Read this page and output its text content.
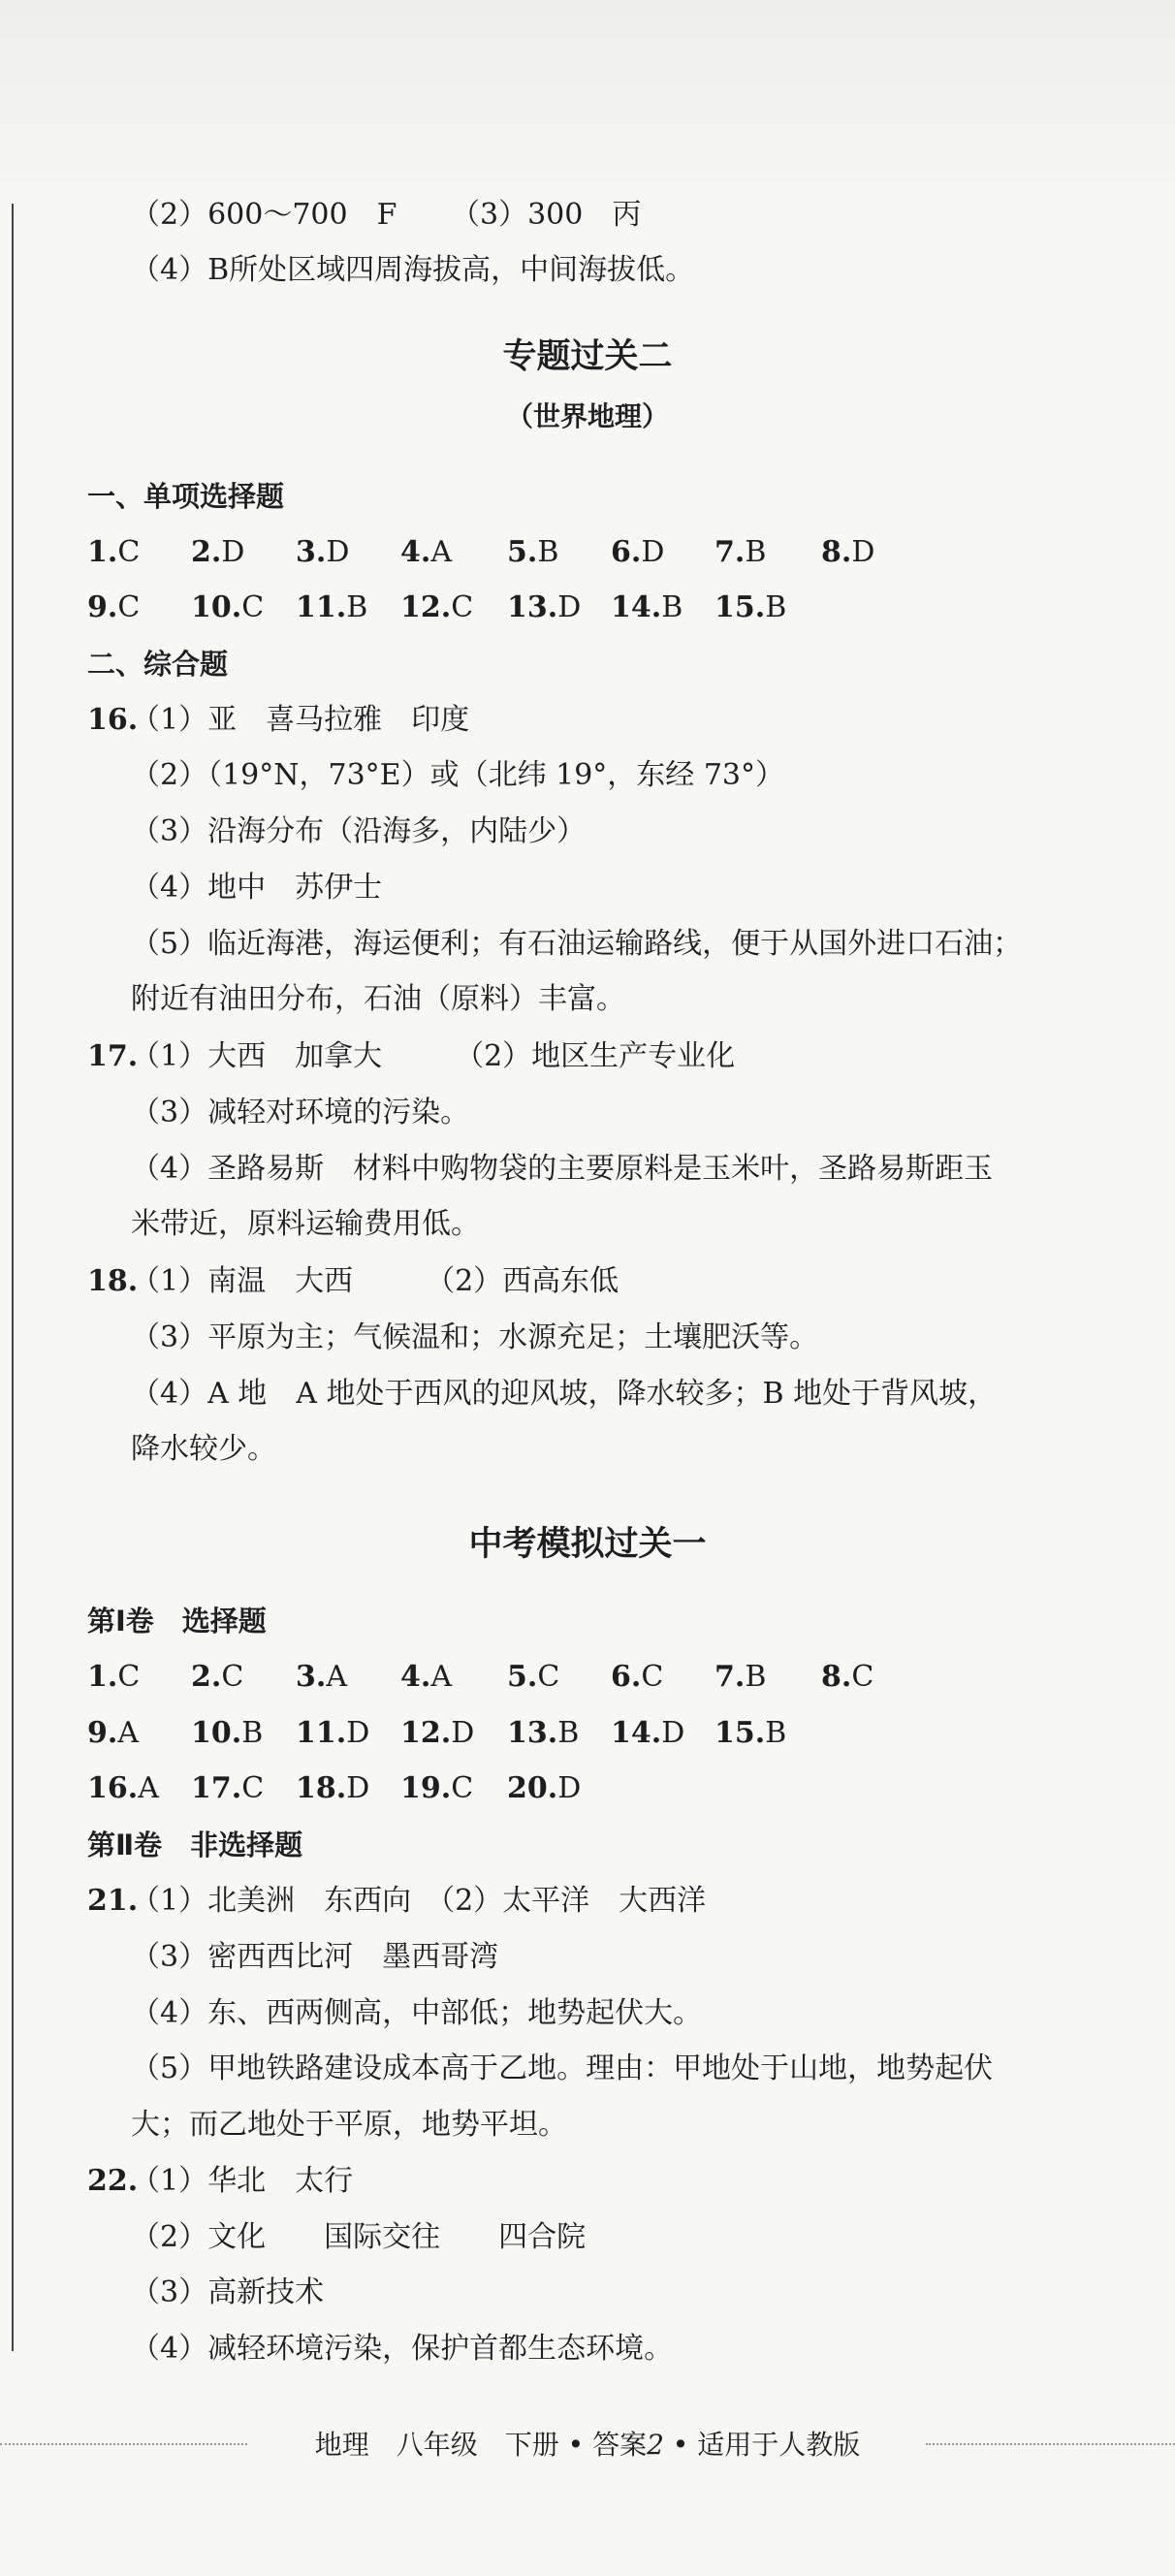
（2）600～700　F （3）300　丙
（4）B所处区域四周海拔高，中间海拔低。
专题过关二
（世界地理）
一、单项选择题
1.C 2.D 3.D 4.A 5.B 6.D 7.B 8.D
9.C 10.C 11.B 12.C 13.D 14.B 15.B
二、综合题
16.
（1）亚　喜马拉雅　印度
（2）（19°N，73°E）或（北纬 19°，东经 73°）
（3）沿海分布（沿海多，内陆少）
（4）地中　苏伊士
（5）临近海港，海运便利；有石油运输路线，便于从国外进口石油；
附近有油田分布，石油（原料）丰富。
17.
（1）大西　加拿大　　　（2）地区生产专业化
（3）减轻对环境的污染。
（4）圣路易斯　材料中购物袋的主要原料是玉米叶，圣路易斯距玉
米带近，原料运输费用低。
18.
（1）南温　大西　　　（2）西高东低
（3）平原为主；气候温和；水源充足；土壤肥沃等。
（4）A 地　A 地处于西风的迎风坡，降水较多；B 地处于背风坡，
降水较少。
中考模拟过关一
第Ⅰ卷　选择题
1.C 2.C 3.A 4.A 5.C 6.C 7.B 8.C
9.A 10.B 11.D 12.D 13.B 14.D 15.B
16.A 17.C 18.D 19.C 20.D
第Ⅱ卷　非选择题
21.
（1）北美洲　东西向　（2）太平洋　大西洋
（3）密西西比河　墨西哥湾
（4）东、西两侧高，中部低；地势起伏大。
（5）甲地铁路建设成本高于乙地。理由：甲地处于山地，地势起伏
大；而乙地处于平原，地势平坦。
22.
（1）华北　太行
（2）文化　　国际交往　　四合院
（3）高新技术
（4）减轻环境污染，保护首都生态环境。
地理　八年级　下册 • 答案2 • 适用于人教版
